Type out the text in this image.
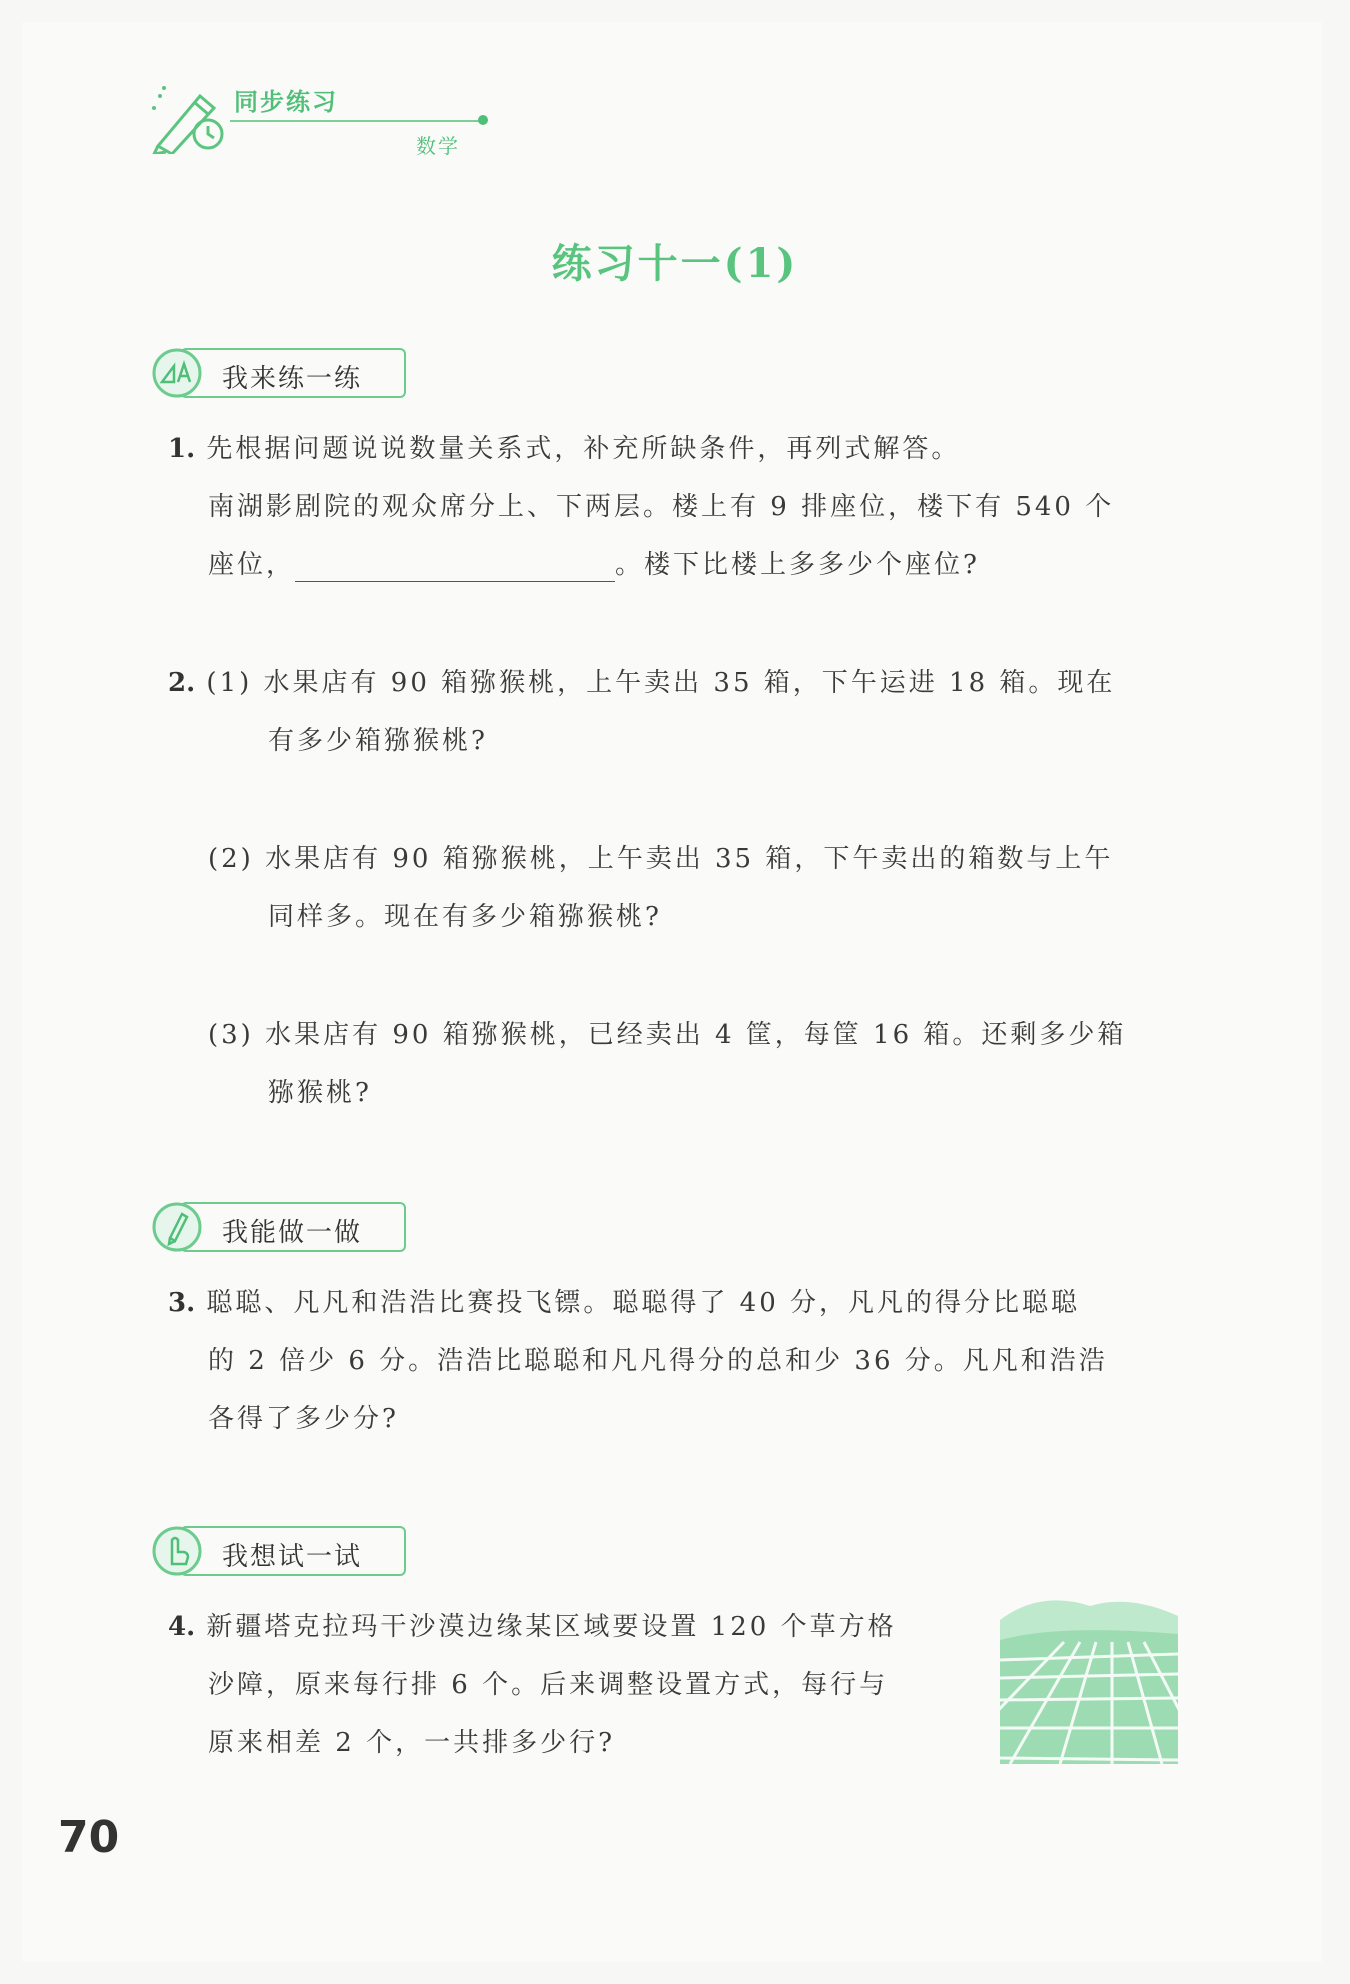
同步练习
数学
练习十一(1)
我来练一练
1. 先根据问题说说数量关系式，补充所缺条件，再列式解答。
南湖影剧院的观众席分上、下两层。楼上有 9 排座位，楼下有 540 个
座位，	。楼下比楼上多多少个座位?
2. (1) 水果店有 90 箱猕猴桃，上午卖出 35 箱，下午运进 18 箱。现在
有多少箱猕猴桃?
(2) 水果店有 90 箱猕猴桃，上午卖出 35 箱，下午卖出的箱数与上午
同样多。现在有多少箱猕猴桃?
(3) 水果店有 90 箱猕猴桃，已经卖出 4 筐，每筐 16 箱。还剩多少箱
猕猴桃?
我能做一做
3. 聪聪、凡凡和浩浩比赛投飞镖。聪聪得了 40 分，凡凡的得分比聪聪
的 2 倍少 6 分。浩浩比聪聪和凡凡得分的总和少 36 分。凡凡和浩浩
各得了多少分?
我想试一试
4. 新疆塔克拉玛干沙漠边缘某区域要设置 120 个草方格
沙障，原来每行排 6 个。后来调整设置方式，每行与
原来相差 2 个，一共排多少行?
70
